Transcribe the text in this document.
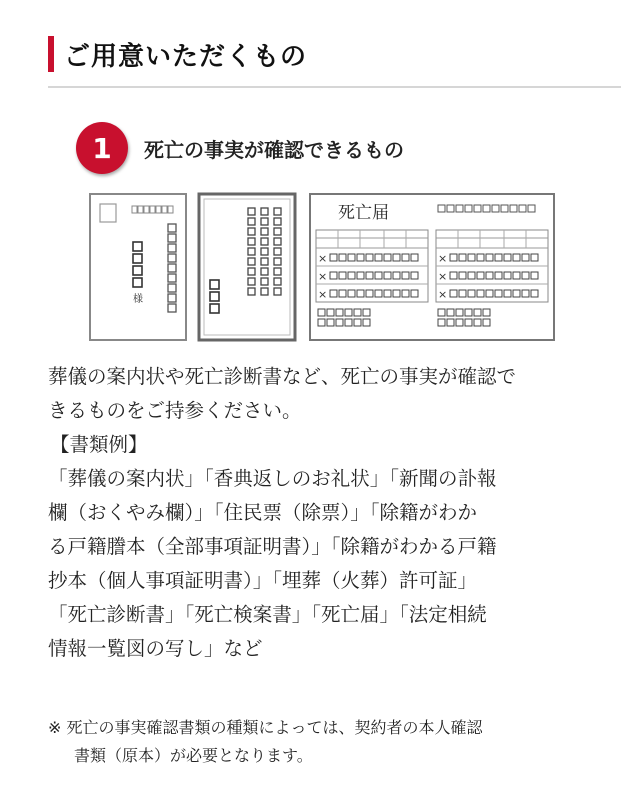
ご用意いただくもの
1	死亡の事実が確認できるもの
様
死亡届
×
×
×
×
×
×

葬儀の案内状や死亡診断書など、死亡の事実が確認で

きるものをご持参ください。

【書類例】

「葬儀の案内状」「香典返しのお礼状」「新聞の訃報

欄（おくやみ欄）」「住民票（除票）」「除籍がわか

る戸籍謄本（全部事項証明書）」「除籍がわかる戸籍

抄本（個人事項証明書）」「埋葬（火葬）許可証」

「死亡診断書」「死亡検案書」「死亡届」「法定相続

情報一覧図の写し」など

※ 死亡の事実確認書類の種類によっては、契約者の本人確認
書類（原本）が必要となります。
